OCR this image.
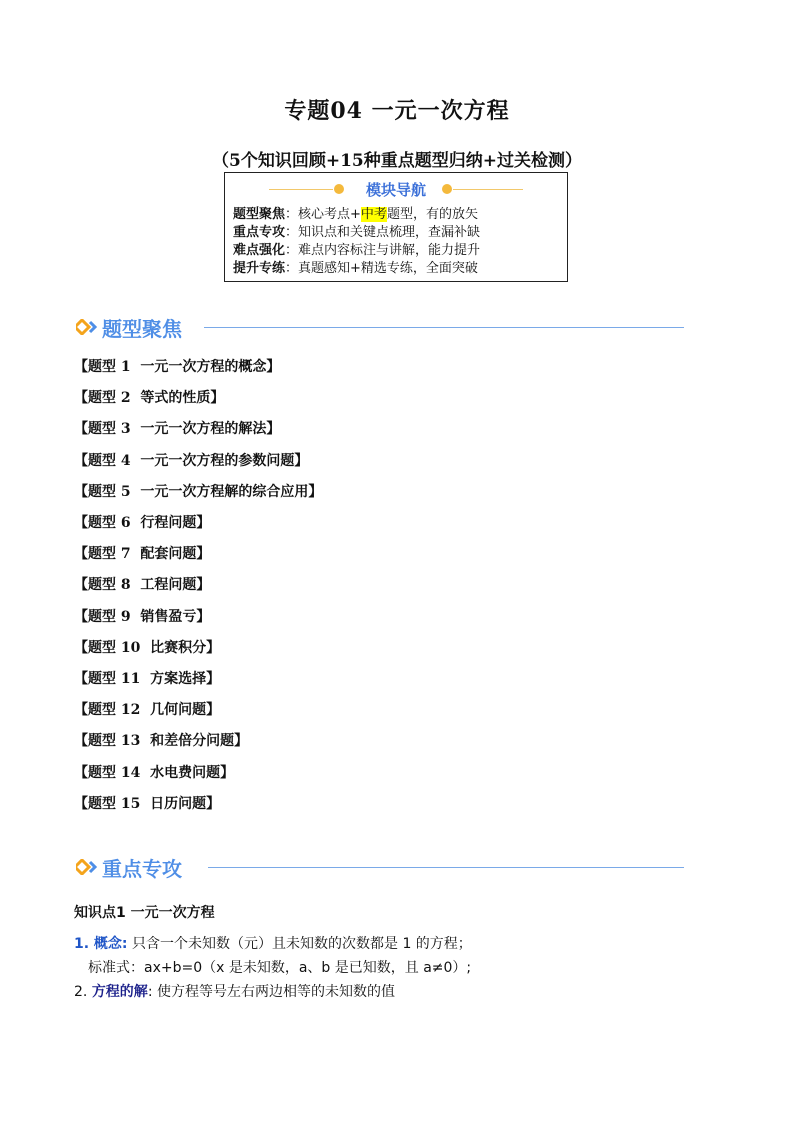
专题04 一元一次方程
（5个知识回顾+15种重点题型归纳+过关检测）
模块导航
题型聚焦：核心考点+中考题型，有的放矢
重点专攻：知识点和关键点梳理，查漏补缺
难点强化：难点内容标注与讲解，能力提升
提升专练：真题感知+精选专练，全面突破
题型聚焦
【题型 1 一元一次方程的概念】
【题型 2 等式的性质】
【题型 3 一元一次方程的解法】
【题型 4 一元一次方程的参数问题】
【题型 5 一元一次方程解的综合应用】
【题型 6 行程问题】
【题型 7 配套问题】
【题型 8 工程问题】
【题型 9 销售盈亏】
【题型 10 比赛积分】
【题型 11 方案选择】
【题型 12 几何问题】
【题型 13 和差倍分问题】
【题型 14 水电费问题】
【题型 15 日历问题】
重点专攻
知识点1 一元一次方程
1. 概念: 只含一个未知数（元）且未知数的次数都是 1 的方程；
标准式：ax+b=0（x 是未知数，a、b 是已知数，且 a≠0）;
2. 方程的解: 使方程等号左右两边相等的未知数的值
